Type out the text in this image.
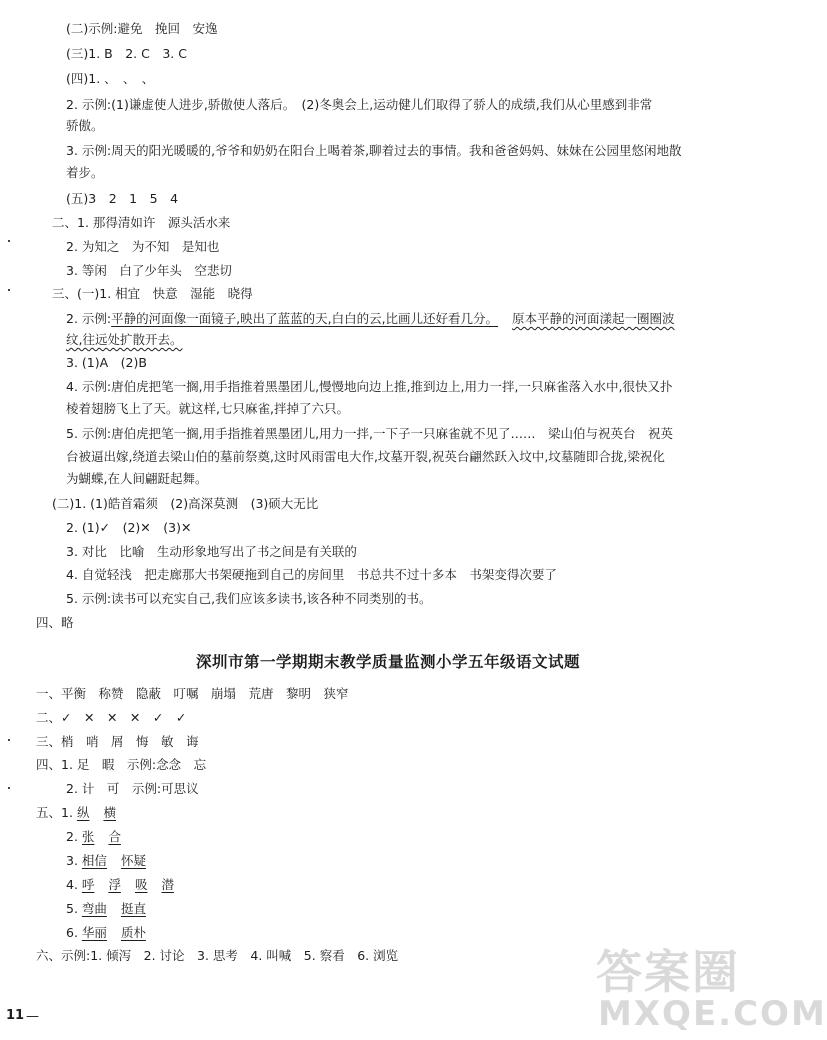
(二)示例:避免　挽回　安逸
(三)1. B　2. C　3. C
(四)1. 、　、　、
2. 示例:(1)谦虚使人进步,骄傲使人落后。　(2)冬奥会上,运动健儿们取得了骄人的成绩,我们从心里感到非常
骄傲。
3. 示例:周天的阳光暖暖的,爷爷和奶奶在阳台上喝着茶,聊着过去的事情。我和爸爸妈妈、妹妹在公园里悠闲地散
着步。
(五)3　2　1　5　4
二、1. 那得清如许　源头活水来
2. 为知之　为不知　是知也
3. 等闲　白了少年头　空悲切
三、(一)1. 相宜　快意　湿能　晓得
2. 示例:平静的河面像一面镜子,映出了蓝蓝的天,白白的云,比画儿还好看几分。 原本平静的河面漾起一圈圈波
纹,往远处扩散开去。
3. (1)A　(2)B
4. 示例:唐伯虎把笔一搁,用手指推着黑墨团儿,慢慢地向边上推,推到边上,用力一拌,一只麻雀落入水中,很快又扑
棱着翅膀飞上了天。就这样,七只麻雀,拌掉了六只。
5. 示例:唐伯虎把笔一搁,用手指推着黑墨团儿,用力一拌,一下子一只麻雀就不见了……　梁山伯与祝英台　祝英
台被逼出嫁,绕道去梁山伯的墓前祭奠,这时风雨雷电大作,坟墓开裂,祝英台翩然跃入坟中,坟墓随即合拢,梁祝化
为蝴蝶,在人间翩跹起舞。
(二)1. (1)皓首霜须　(2)高深莫测　(3)硕大无比
2. (1)✓　(2)✕　(3)✕
3. 对比　比喻　生动形象地写出了书之间是有关联的
4. 自觉轻浅　把走廊那大书架硬拖到自己的房间里　书总共不过十多本　书架变得次要了
5. 示例:读书可以充实自己,我们应该多读书,该各种不同类别的书。
四、略
深圳市第一学期期末教学质量监测小学五年级语文试题
一、平衡　称赞　隐蔽　叮嘱　崩塌　荒唐　黎明　狭窄
二、✓　✕　✕　✕　✓　✓
三、梢　哨　屑　悔　敏　诲
四、1. 足　暇　示例:念念　忘
2. 计　可　示例:可思议
五、1. 纵 横
2. 张 合
3. 相信 怀疑
4. 呼 浮 吸 潜
5. 弯曲 挺直
6. 华丽 质朴
六、示例:1. 倾泻　2. 讨论　3. 思考　4. 叫喊　5. 察看　6. 浏览
11 —
答案圈
MXQE.COM
